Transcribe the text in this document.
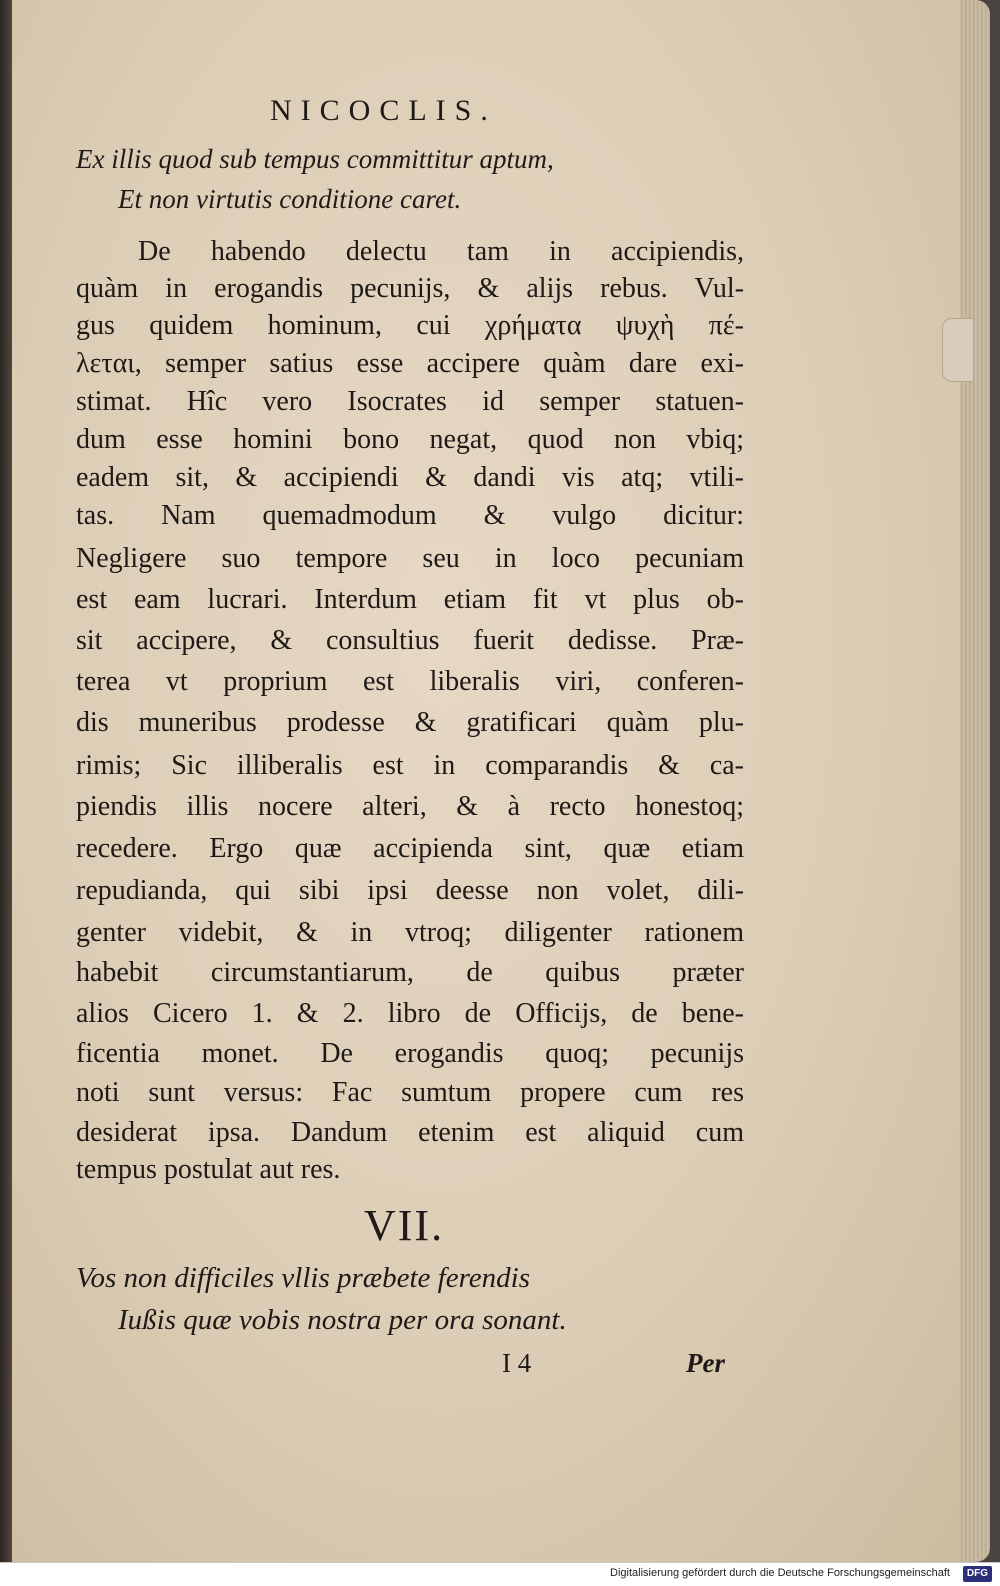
NICOCLIS.
Ex illis quod sub tempus committitur aptum,
Et non virtutis conditione caret.
De habendo delectu tam in accipiendis,
quàm in erogandis pecunijs, & alijs rebus. Vul-
gus quidem hominum, cui χρήματα ψυχὴ πέ-
λεται, semper satius esse accipere quàm dare exi-
stimat. Hîc vero Isocrates id semper statuen-
dum esse homini bono negat, quod non vbiq;
eadem sit, & accipiendi & dandi vis atq; vtili-
tas. Nam quemadmodum & vulgo dicitur:
Negligere suo tempore seu in loco pecuniam
est eam lucrari. Interdum etiam fit vt plus ob-
sit accipere, & consultius fuerit dedisse. Præ-
terea vt proprium est liberalis viri, conferen-
dis muneribus prodesse & gratificari quàm plu-
rimis; Sic illiberalis est in comparandis & ca-
piendis illis nocere alteri, & à recto honestoq;
recedere. Ergo quæ accipienda sint, quæ etiam
repudianda, qui sibi ipsi deesse non volet, dili-
genter videbit, & in vtroq; diligenter rationem
habebit circumstantiarum, de quibus præter
alios Cicero 1. & 2. libro de Officijs, de bene-
ficentia monet. De erogandis quoq; pecunijs
noti sunt versus: Fac sumtum propere cum res
desiderat ipsa. Dandum etenim est aliquid cum
tempus postulat aut res.
VII.
Vos non difficiles vllis præbete ferendis
Iußis quæ vobis nostra per ora sonant.
I 4	Per
Digitalisierung gefördert durch die Deutsche Forschungsgemeinschaft	DFG
